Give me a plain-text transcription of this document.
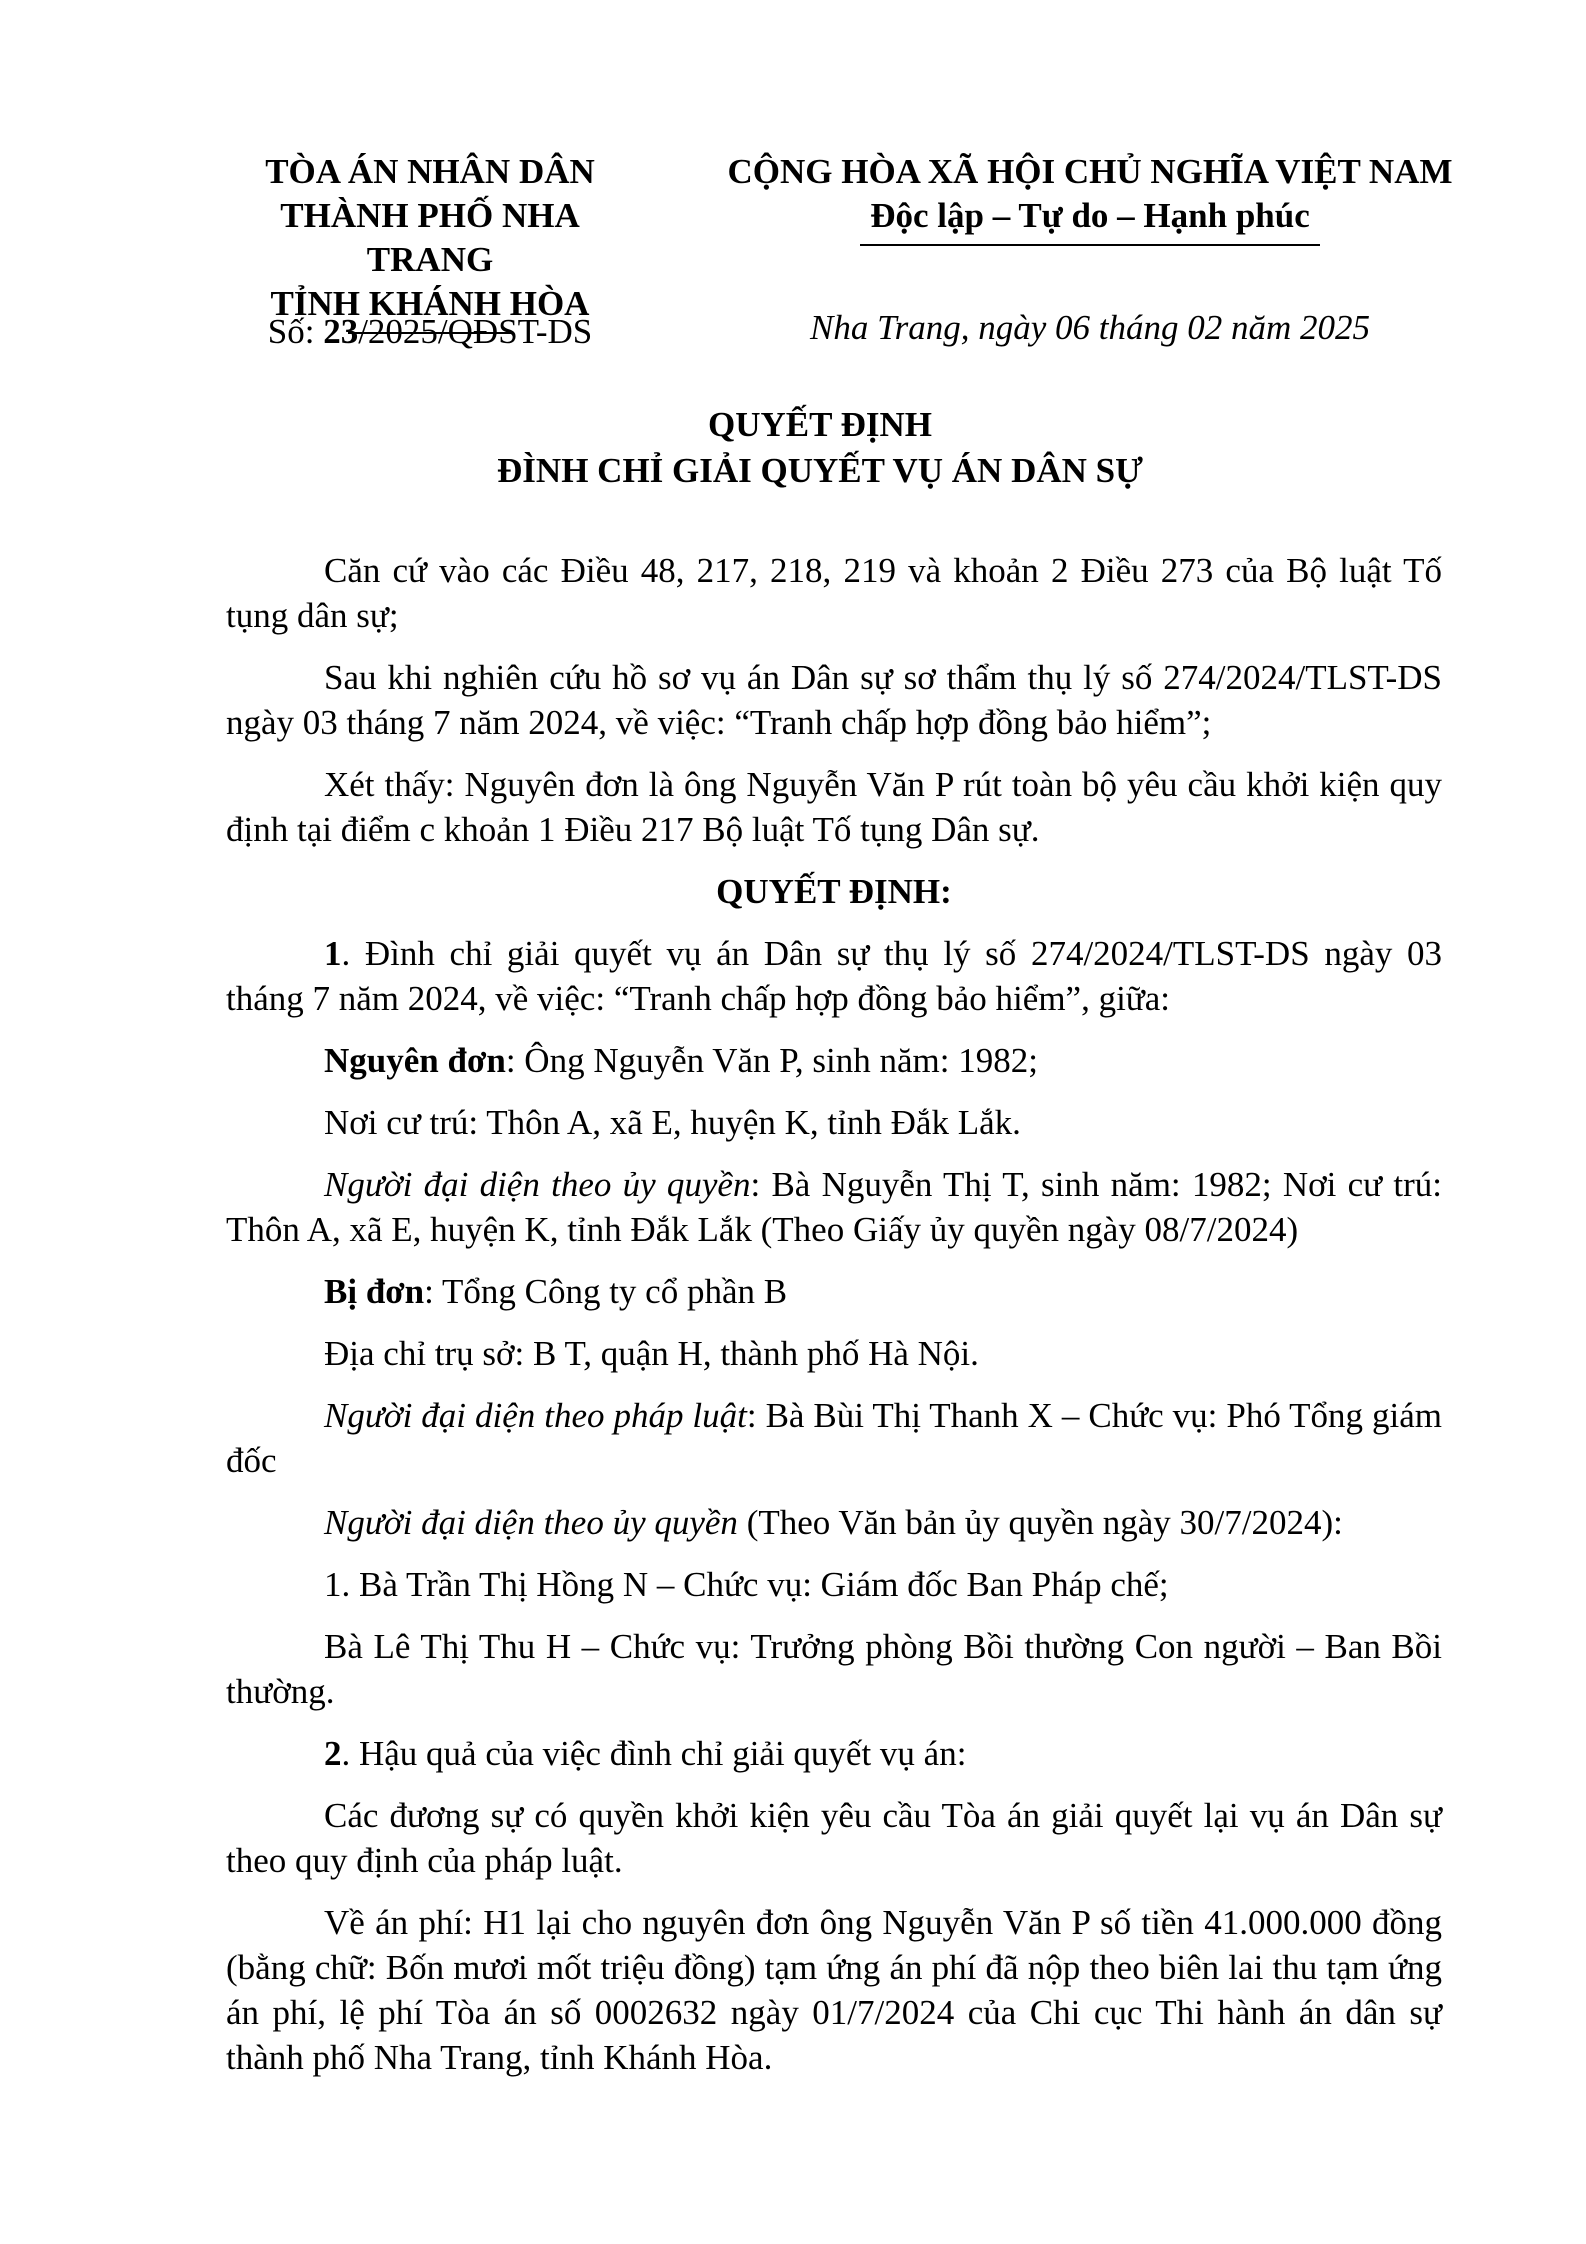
TÒA ÁN NHÂN DÂN
THÀNH PHỐ NHA TRANG
TỈNH KHÁNH HÒA
CỘNG HÒA XÃ HỘI CHỦ NGHĨA VIỆT NAM
Độc lập – Tự do – Hạnh phúc
Số: 23/2025/QĐST-DS	Nha Trang, ngày 06 tháng 02 năm 2025
QUYẾT ĐỊNH
ĐÌNH CHỈ GIẢI QUYẾT VỤ ÁN DÂN SỰ

Căn cứ vào các Điều 48, 217, 218, 219 và khoản 2 Điều 273 của Bộ luật Tố tụng dân sự;

Sau khi nghiên cứu hồ sơ vụ án Dân sự sơ thẩm thụ lý số 274/2024/TLST-DS ngày 03 tháng 7 năm 2024, về việc: “Tranh chấp hợp đồng bảo hiểm”;

Xét thấy: Nguyên đơn là ông Nguyễn Văn P rút toàn bộ yêu cầu khởi kiện quy định tại điểm c khoản 1 Điều 217 Bộ luật Tố tụng Dân sự.

QUYẾT ĐỊNH:

1. Đình chỉ giải quyết vụ án Dân sự thụ lý số 274/2024/TLST-DS ngày 03 tháng 7 năm 2024, về việc: “Tranh chấp hợp đồng bảo hiểm”, giữa:

Nguyên đơn: Ông Nguyễn Văn P, sinh năm: 1982;

Nơi cư trú: Thôn A, xã E, huyện K, tỉnh Đắk Lắk.

Người đại diện theo ủy quyền: Bà Nguyễn Thị T, sinh năm: 1982; Nơi cư trú: Thôn A, xã E, huyện K, tỉnh Đắk Lắk (Theo Giấy ủy quyền ngày 08/7/2024)

Bị đơn: Tổng Công ty cổ phần B

Địa chỉ trụ sở: B T, quận H, thành phố Hà Nội.

Người đại diện theo pháp luật: Bà Bùi Thị Thanh X – Chức vụ: Phó Tổng giám đốc

Người đại diện theo ủy quyền (Theo Văn bản ủy quyền ngày 30/7/2024):

1. Bà Trần Thị Hồng N – Chức vụ: Giám đốc Ban Pháp chế;

Bà Lê Thị Thu H – Chức vụ: Trưởng phòng Bồi thường Con người – Ban Bồi thường.

2. Hậu quả của việc đình chỉ giải quyết vụ án:

Các đương sự có quyền khởi kiện yêu cầu Tòa án giải quyết lại vụ án Dân sự theo quy định của pháp luật.

Về án phí: H1 lại cho nguyên đơn ông Nguyễn Văn P số tiền 41.000.000 đồng (bằng chữ: Bốn mươi mốt triệu đồng) tạm ứng án phí đã nộp theo biên lai thu tạm ứng án phí, lệ phí Tòa án số 0002632 ngày 01/7/2024 của Chi cục Thi hành án dân sự thành phố Nha Trang, tỉnh Khánh Hòa.
